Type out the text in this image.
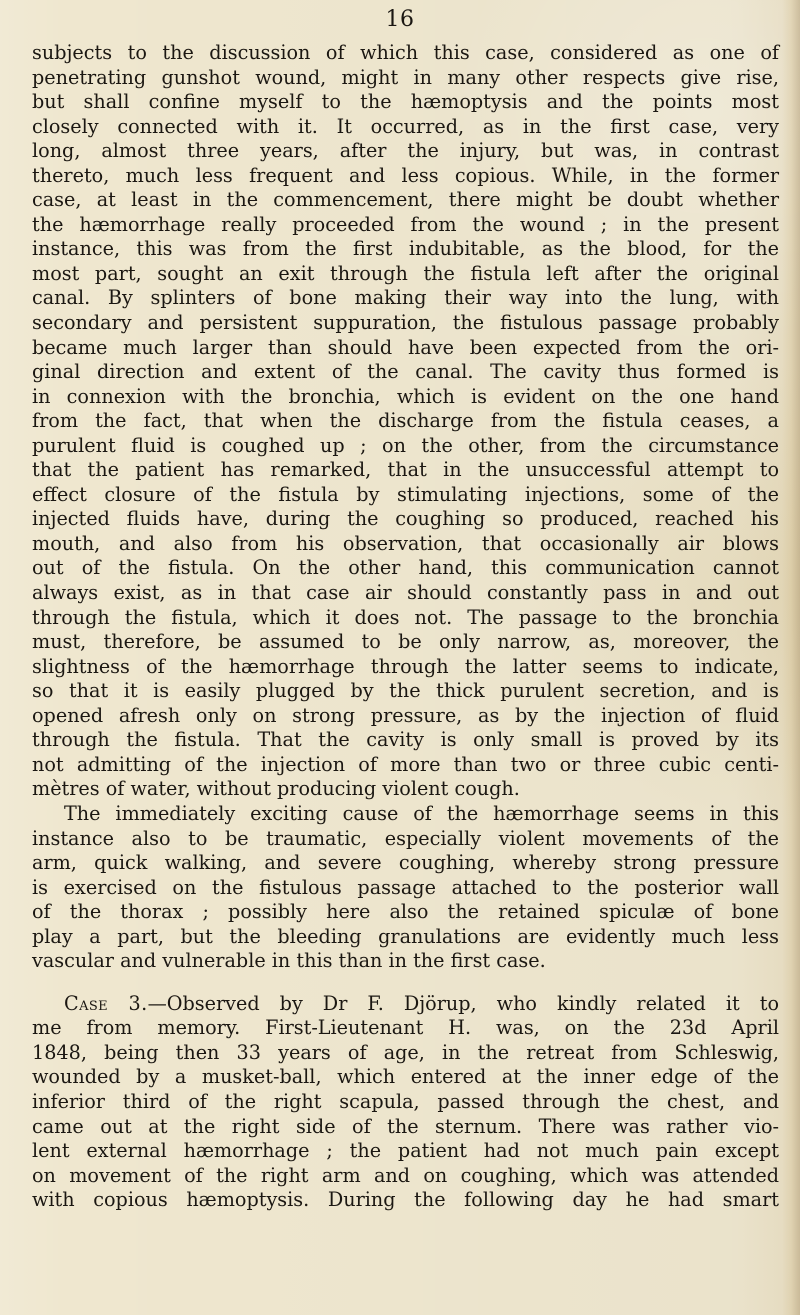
16
subjects to the discussion of which this case, considered as one of
penetrating gunshot wound, might in many other respects give rise,
but shall confine myself to the hæmoptysis and the points most
closely connected with it. It occurred, as in the first case, very
long, almost three years, after the injury, but was, in contrast
thereto, much less frequent and less copious. While, in the former
case, at least in the commencement, there might be doubt whether
the hæmorrhage really proceeded from the wound ; in the present
instance, this was from the first indubitable, as the blood, for the
most part, sought an exit through the fistula left after the original
canal. By splinters of bone making their way into the lung, with
secondary and persistent suppuration, the fistulous passage probably
became much larger than should have been expected from the ori-
ginal direction and extent of the canal. The cavity thus formed is
in connexion with the bronchia, which is evident on the one hand
from the fact, that when the discharge from the fistula ceases, a
purulent fluid is coughed up ; on the other, from the circumstance
that the patient has remarked, that in the unsuccessful attempt to
effect closure of the fistula by stimulating injections, some of the
injected fluids have, during the coughing so produced, reached his
mouth, and also from his observation, that occasionally air blows
out of the fistula. On the other hand, this communication cannot
always exist, as in that case air should constantly pass in and out
through the fistula, which it does not. The passage to the bronchia
must, therefore, be assumed to be only narrow, as, moreover, the
slightness of the hæmorrhage through the latter seems to indicate,
so that it is easily plugged by the thick purulent secretion, and is
opened afresh only on strong pressure, as by the injection of fluid
through the fistula. That the cavity is only small is proved by its
not admitting of the injection of more than two or three cubic centi-
mètres of water, without producing violent cough.
The immediately exciting cause of the hæmorrhage seems in this
instance also to be traumatic, especially violent movements of the
arm, quick walking, and severe coughing, whereby strong pressure
is exercised on the fistulous passage attached to the posterior wall
of the thorax ; possibly here also the retained spiculæ of bone
play a part, but the bleeding granulations are evidently much less
vascular and vulnerable in this than in the first case.
Case 3.—Observed by Dr F. Djörup, who kindly related it to
me from memory. First-Lieutenant H. was, on the 23d April
1848, being then 33 years of age, in the retreat from Schleswig,
wounded by a musket-ball, which entered at the inner edge of the
inferior third of the right scapula, passed through the chest, and
came out at the right side of the sternum. There was rather vio-
lent external hæmorrhage ; the patient had not much pain except
on movement of the right arm and on coughing, which was attended
with copious hæmoptysis. During the following day he had smart
